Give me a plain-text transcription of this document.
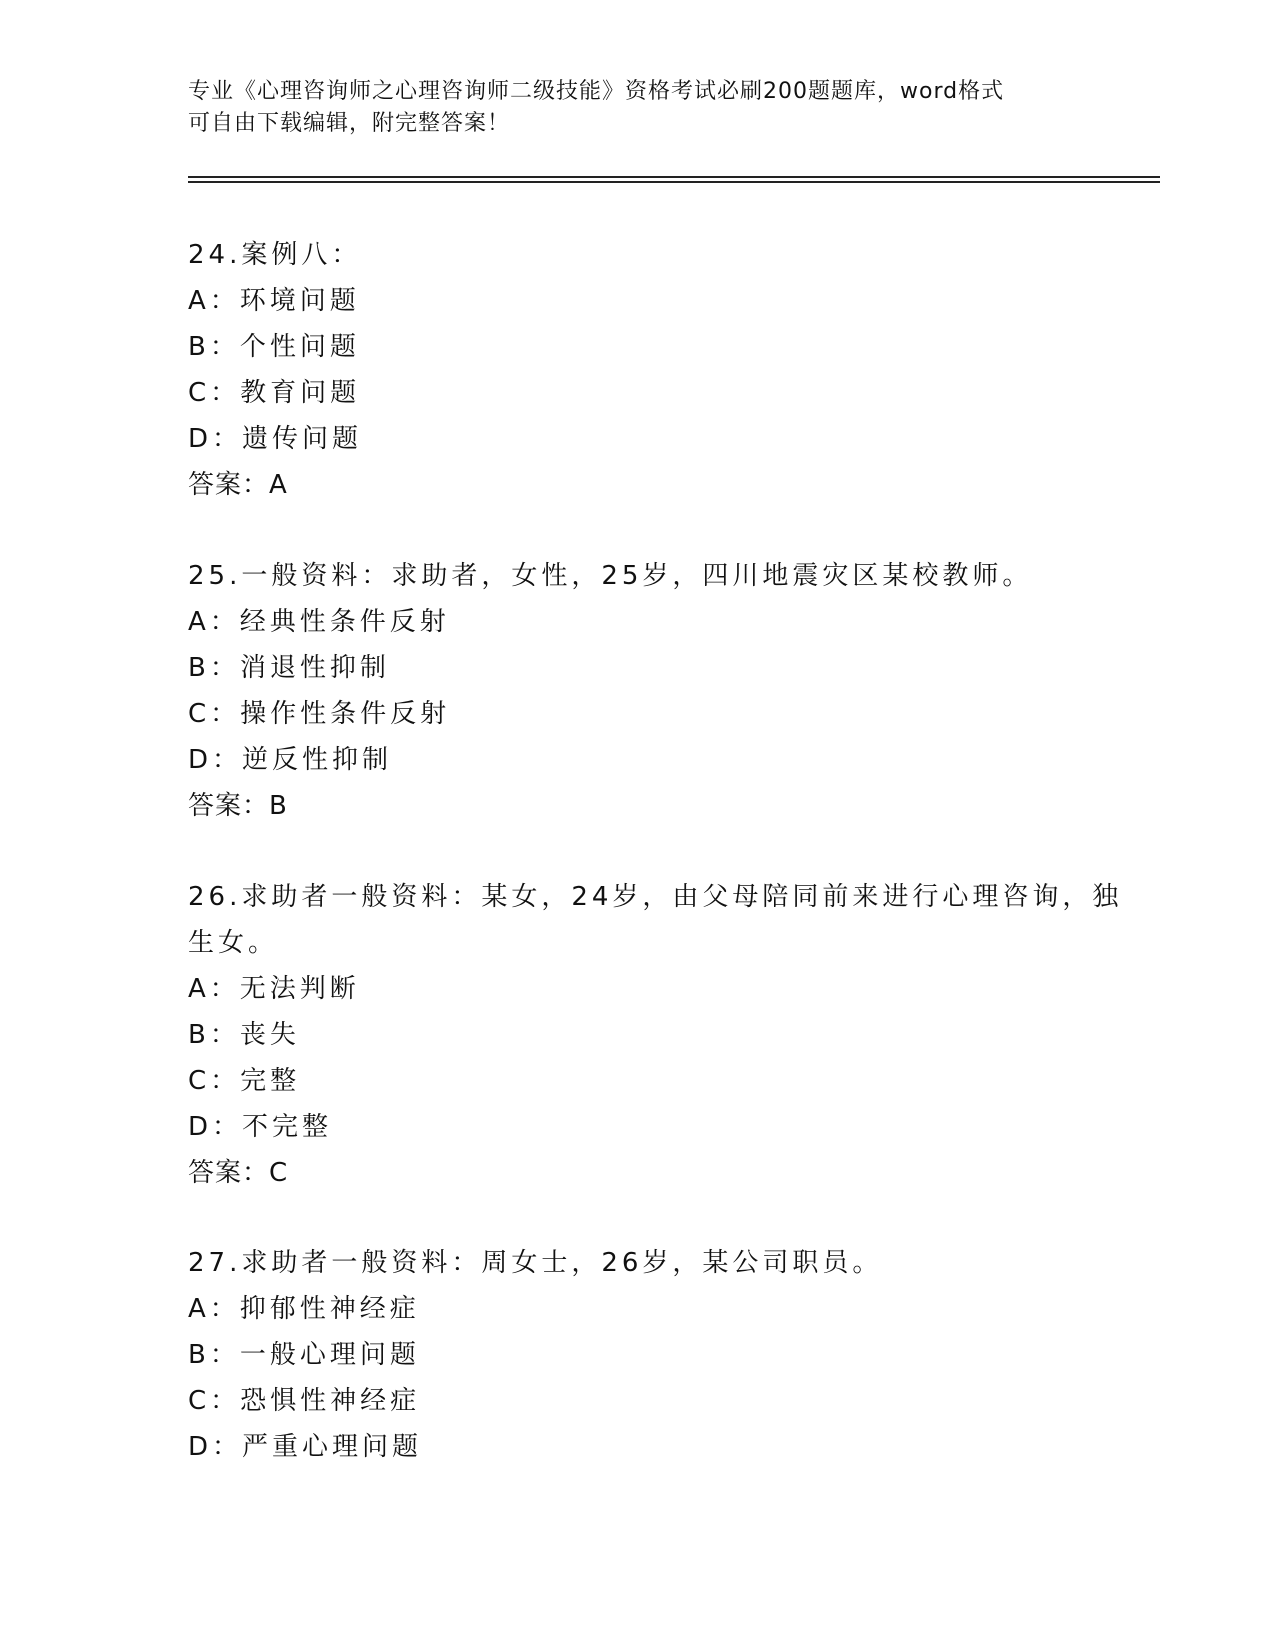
专业《心理咨询师之心理咨询师二级技能》资格考试必刷200题题库，word格式
可自由下载编辑，附完整答案！
24.案例八：
A：环境问题
B：个性问题
C：教育问题
D：遗传问题
答案：A
25.一般资料：求助者，女性，25岁，四川地震灾区某校教师。
A：经典性条件反射
B：消退性抑制
C：操作性条件反射
D：逆反性抑制
答案：B
26.求助者一般资料：某女，24岁，由父母陪同前来进行心理咨询，独
生女。
A：无法判断
B：丧失
C：完整
D：不完整
答案：C
27.求助者一般资料：周女士，26岁，某公司职员。
A：抑郁性神经症
B：一般心理问题
C：恐惧性神经症
D：严重心理问题
